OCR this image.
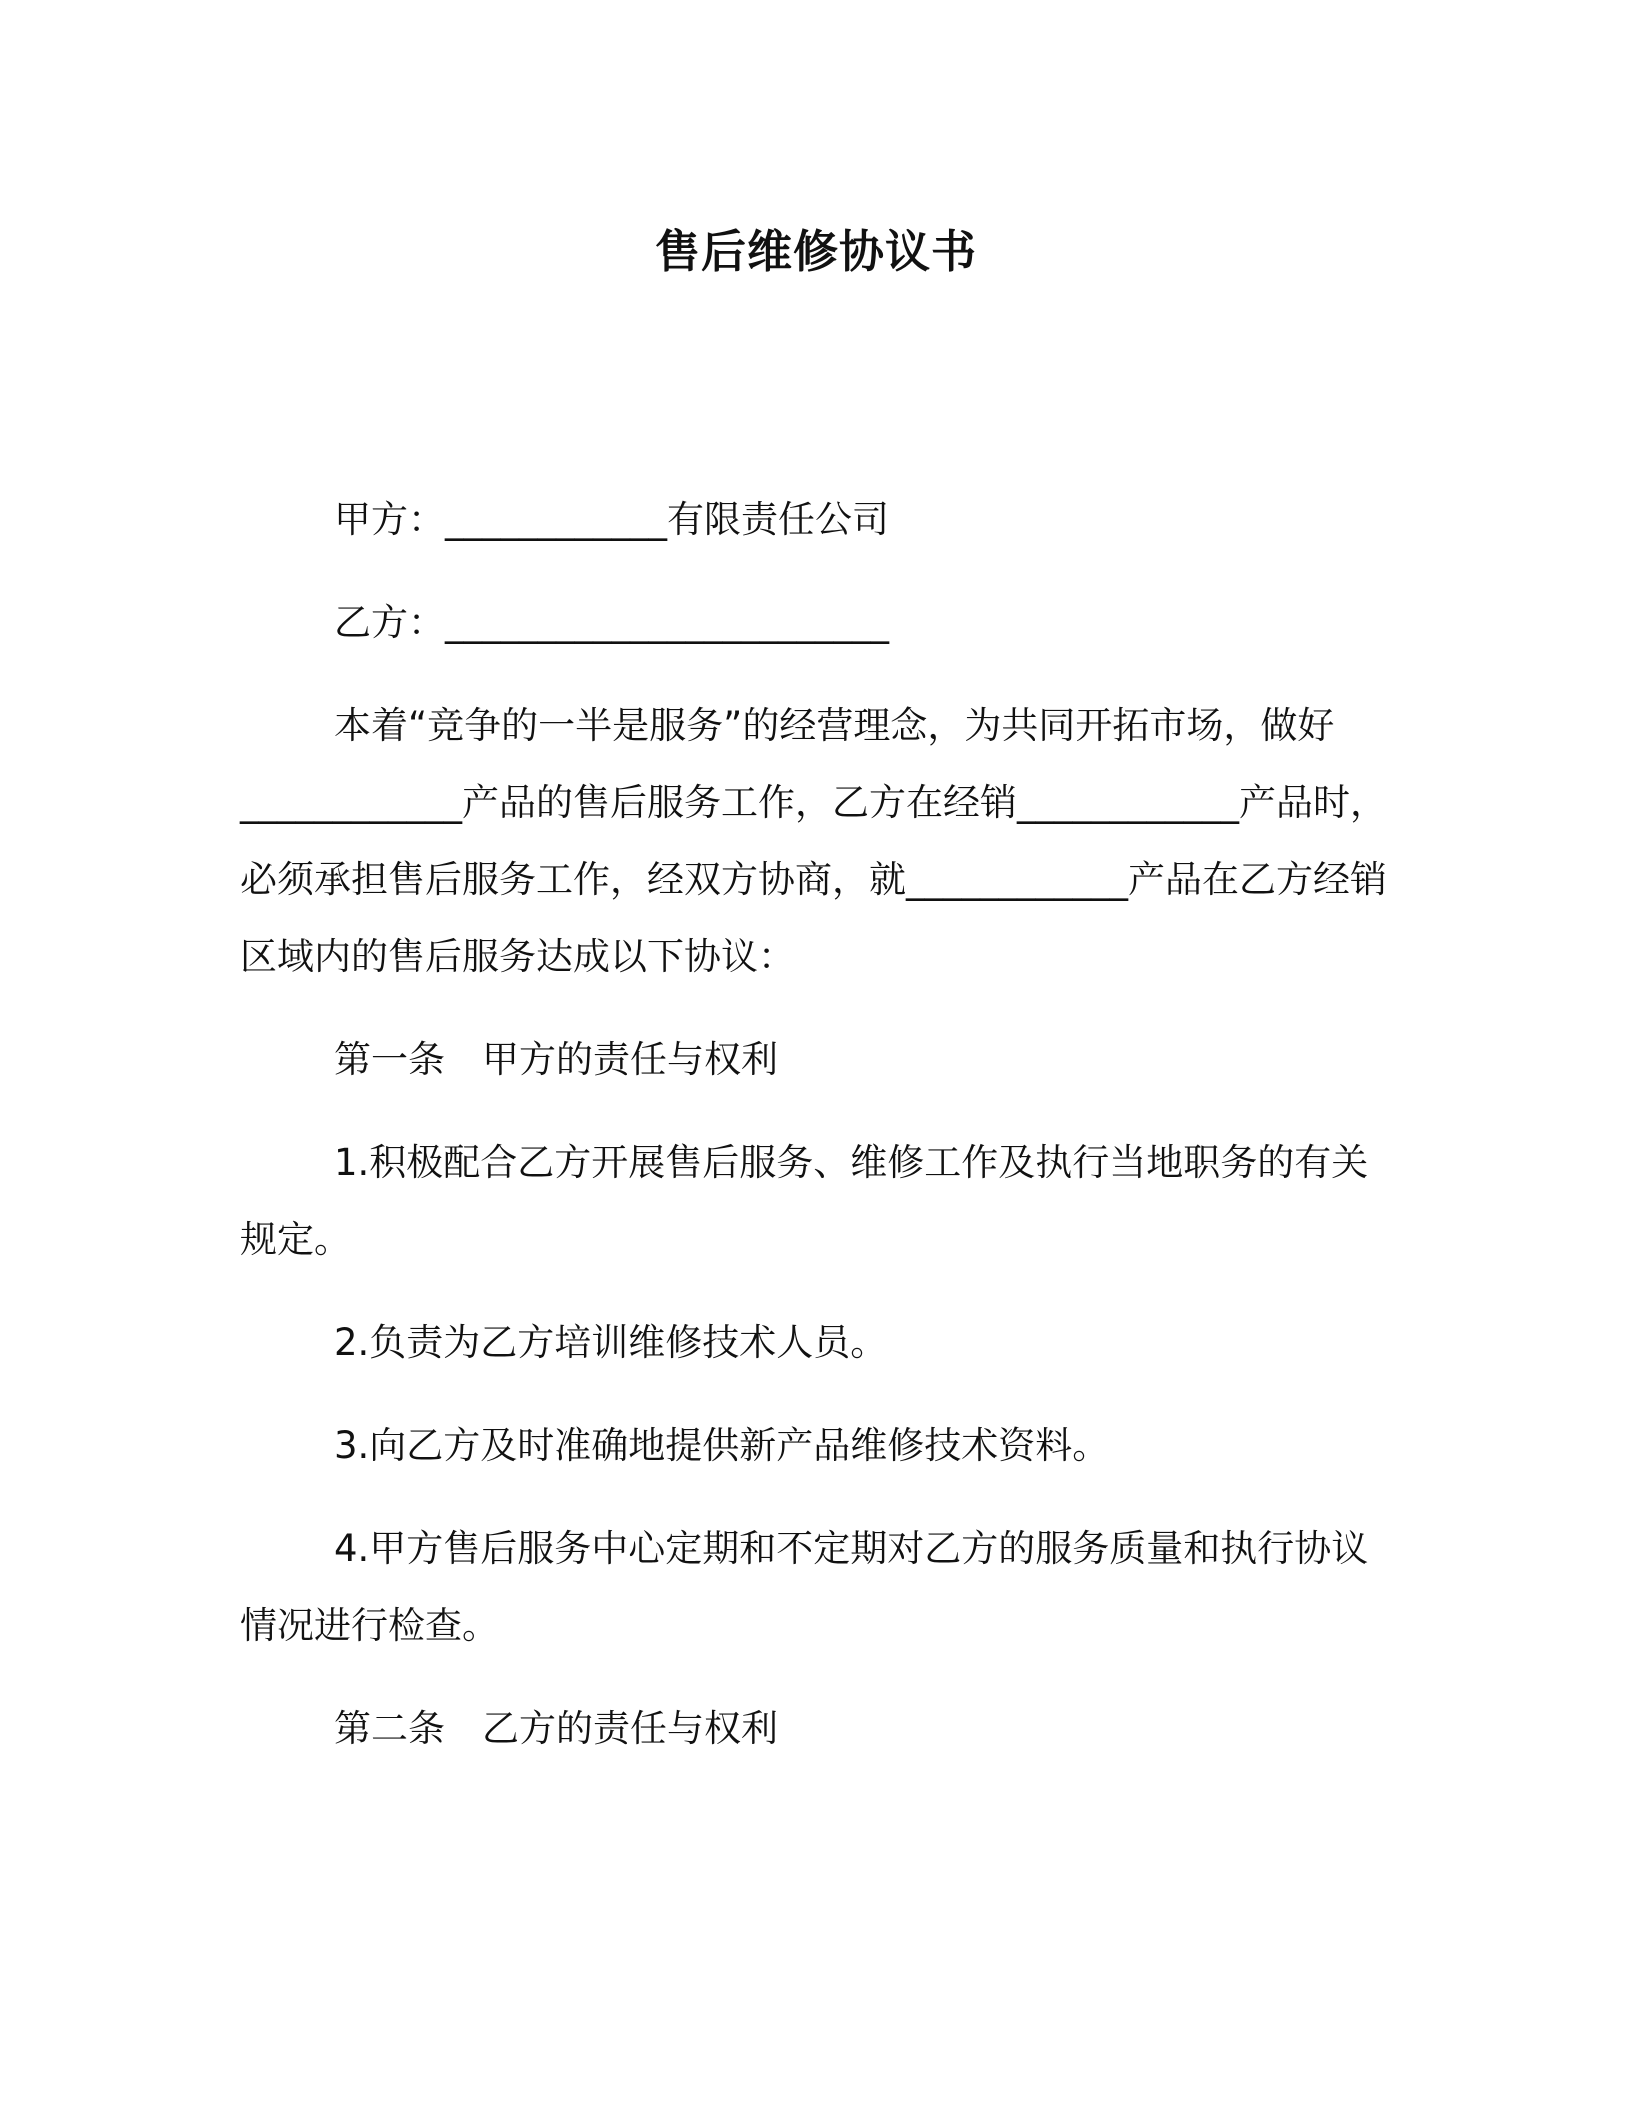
售后维修协议书

甲方：____________有限责任公司

乙方：________________________

本着“竞争的一半是服务”的经营理念，为共同开拓市场，做好____________产品的售后服务工作，乙方在经销____________产品时，必须承担售后服务工作，经双方协商，就____________产品在乙方经销区域内的售后服务达成以下协议：

第一条　甲方的责任与权利

1.积极配合乙方开展售后服务、维修工作及执行当地职务的有关规定。

2.负责为乙方培训维修技术人员。

3.向乙方及时准确地提供新产品维修技术资料。

4.甲方售后服务中心定期和不定期对乙方的服务质量和执行协议情况进行检查。

第二条　乙方的责任与权利
